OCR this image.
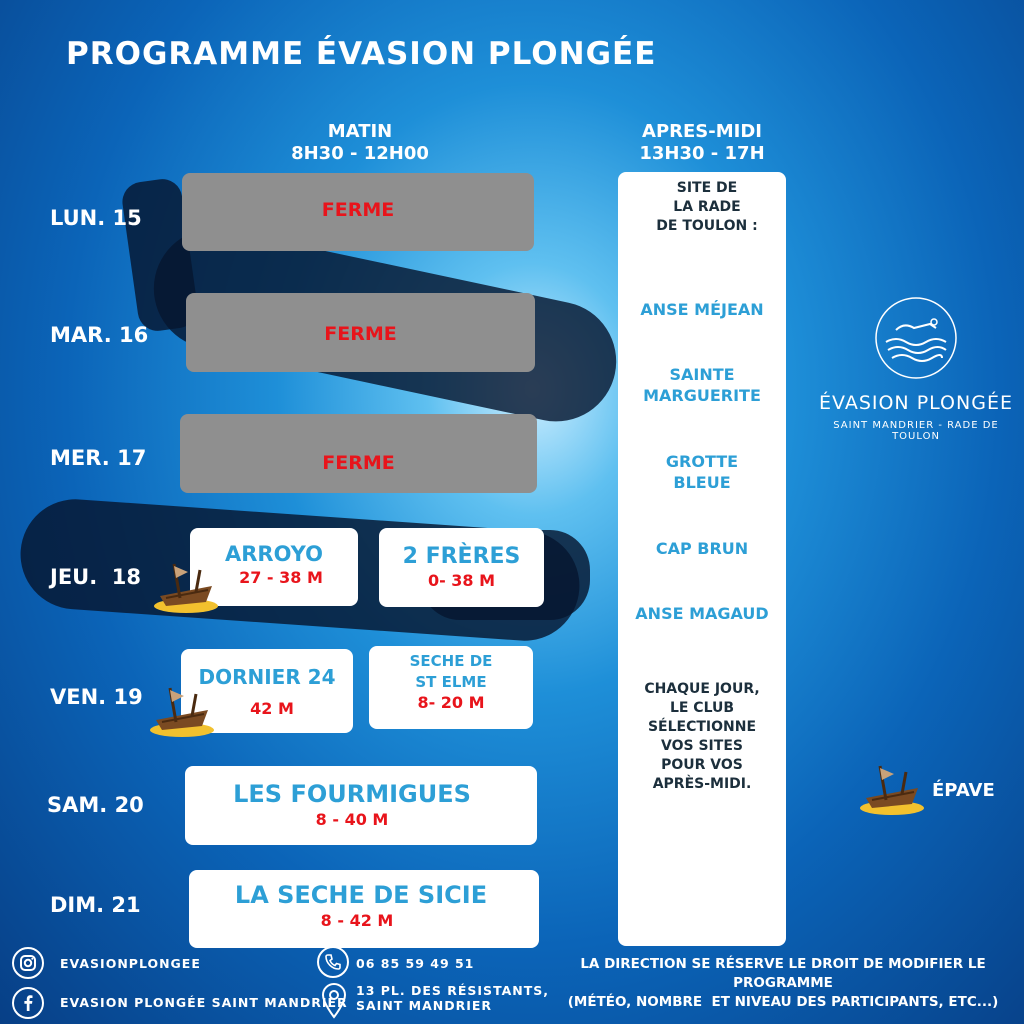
PROGRAMME ÉVASION PLONGÉE
MATIN
8H30 - 12H00
APRES-MIDI
13H30 - 17H
LUN. 15
MAR. 16
MER. 17
JEU.  18
VEN. 19
SAM. 20
DIM. 21
FERME
FERME
FERME
ARROYO
27 - 38 M
2 FRÈRES
0- 38 M
DORNIER 24
42 M
SECHE DE
ST ELME
8- 20 M
LES FOURMIGUES
8 - 40 M
LA SECHE DE SICIE
8 - 42 M
SITE DE
LA RADE
DE TOULON :
ANSE MÉJEAN
SAINTE
MARGUERITE
GROTTE
BLEUE
CAP BRUN
ANSE MAGAUD
CHAQUE JOUR,
LE CLUB
SÉLECTIONNE
VOS SITES
POUR VOS
APRÈS-MIDI.
ÉVASION PLONGÉE
SAINT MANDRIER - RADE DE TOULON
ÉPAVE
EVASIONPLONGEE
EVASION PLONGÉE SAINT MANDRIER
06 85 59 49 51
13 PL. DES RÉSISTANTS,
SAINT MANDRIER
LA DIRECTION SE RÉSERVE LE DROIT DE MODIFIER LE
PROGRAMME
(MÉTÉO, NOMBRE  ET NIVEAU DES PARTICIPANTS, ETC...)
